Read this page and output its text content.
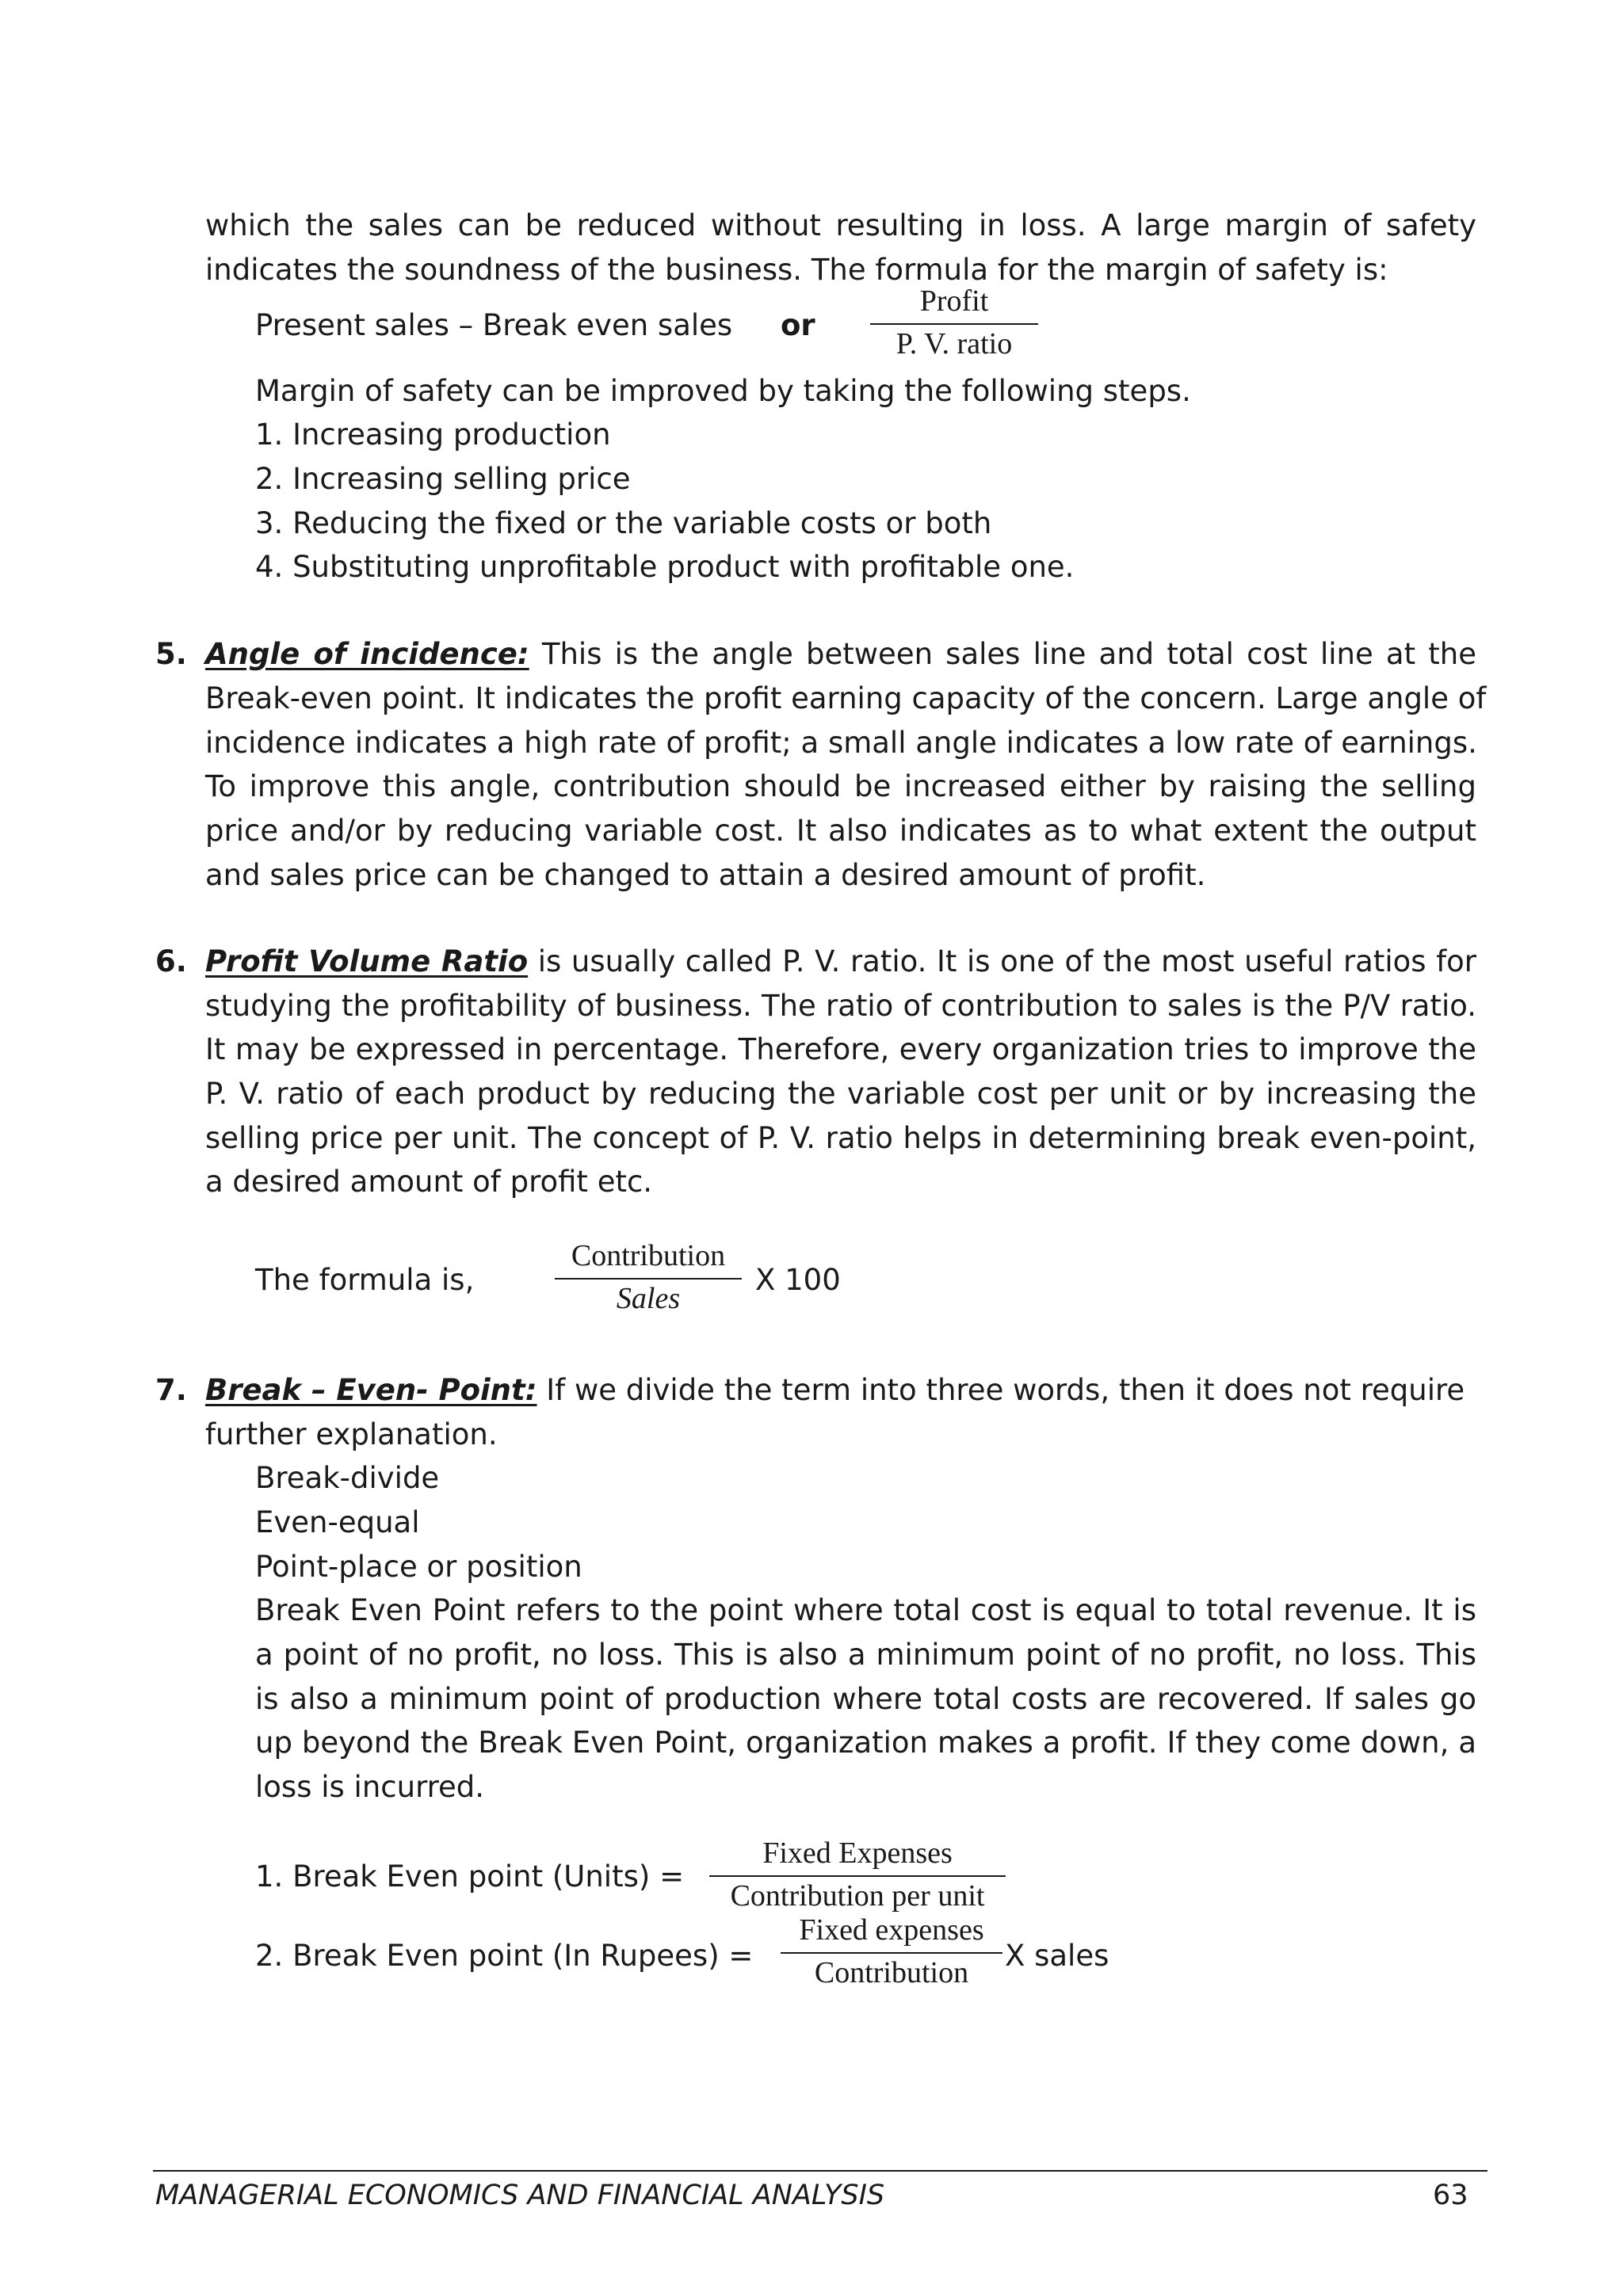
which the sales can be reduced without resulting in loss. A large margin of safety
indicates the soundness of the business. The formula for the margin of safety is:
Present sales – Break even sales or
Profit
P. V. ratio
Margin of safety can be improved by taking the following steps.
1. Increasing production
2. Increasing selling price
3. Reducing the fixed or the variable costs or both
4. Substituting unprofitable product with profitable one.
5. Angle of incidence: This is the angle between sales line and total cost line at the
Break-even point. It indicates the profit earning capacity of the concern. Large angle of
incidence indicates a high rate of profit; a small angle indicates a low rate of earnings.
To improve this angle, contribution should be increased either by raising the selling
price and/or by reducing variable cost. It also indicates as to what extent the output
and sales price can be changed to attain a desired amount of profit.
6. Profit Volume Ratio is usually called P. V. ratio. It is one of the most useful ratios for
studying the profitability of business. The ratio of contribution to sales is the P/V ratio.
It may be expressed in percentage. Therefore, every organization tries to improve the
P. V. ratio of each product by reducing the variable cost per unit or by increasing the
selling price per unit. The concept of P. V. ratio helps in determining break even-point,
a desired amount of profit etc.
The formula is,
Contribution
Sales
X 100
7. Break – Even- Point: If we divide the term into three words, then it does not require
further explanation.
Break-divide
Even-equal
Point-place or position
Break Even Point refers to the point where total cost is equal to total revenue. It is
a point of no profit, no loss. This is also a minimum point of no profit, no loss. This
is also a minimum point of production where total costs are recovered. If sales go
up beyond the Break Even Point, organization makes a profit. If they come down, a
loss is incurred.
1. Break Even point (Units) =
Fixed Expenses
Contribution per unit
2. Break Even point (In Rupees) =
Fixed expenses
Contribution	X sales
MANAGERIAL ECONOMICS AND FINANCIAL ANALYSIS	63
